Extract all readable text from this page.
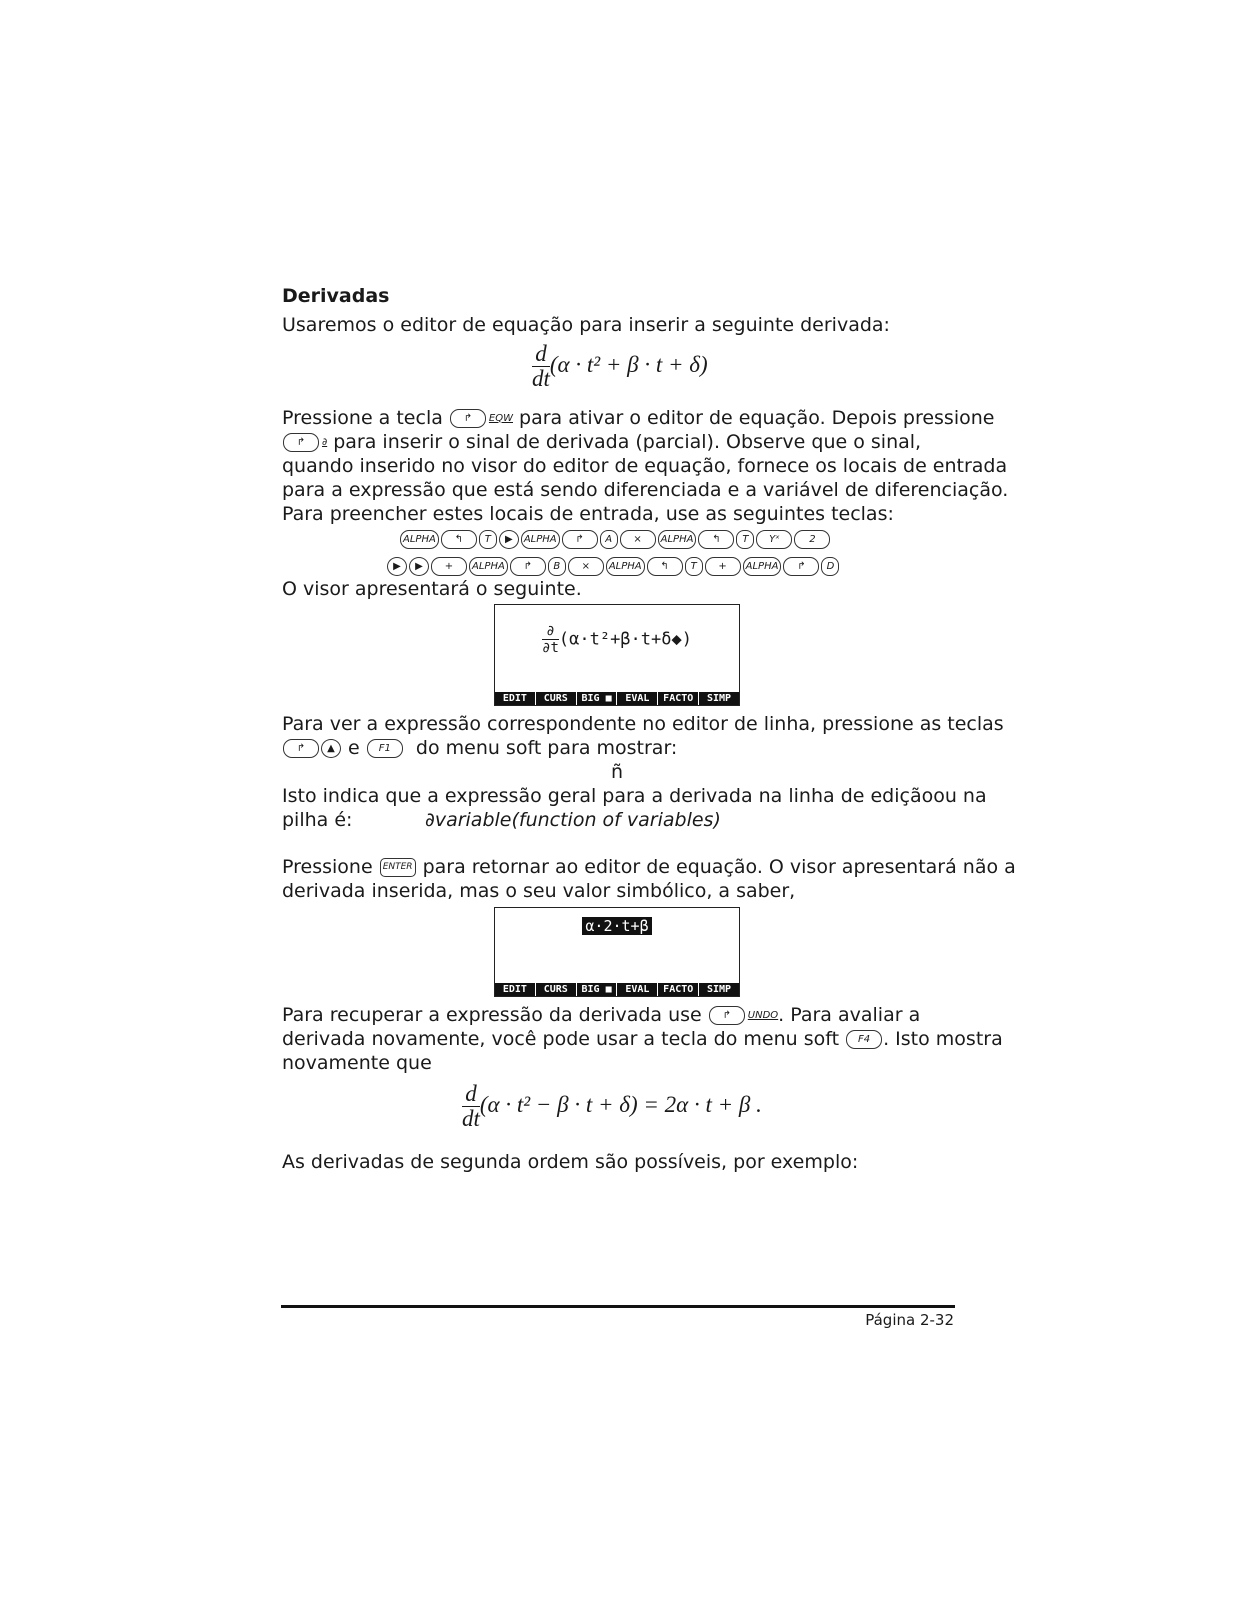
Derivadas
Usaremos o editor de equação para inserir a seguinte derivada:
$\frac{d}{dt} (\alpha \cdot t^2 + \beta \cdot t + \delta)$
Pressione a tecla ↱ EQW para ativar o editor de equação. Depois pressione
↱ ∂ para inserir o sinal de derivada (parcial). Observe que o sinal,
quando inserido no visor do editor de equação, fornece os locais de entrada
para a expressão que está sendo diferenciada e a variável de diferenciação.
Para preencher estes locais de entrada, use as seguintes teclas:
ALPHA ↰ T ▶ ALPHA ↱ A × ALPHA ↰ T Yˣ	2
▶ ▶ + ALPHA ↱ B × ALPHA ↰ T + ALPHA ↱ D
O visor apresentará o seguinte.
$\frac{\partial}{\partial t}$ (α·t²+β·t+δ◆)
EDIT	CURS	BIG ■	EVAL	FACTO	SIMP
Para ver a expressão correspondente no editor de linha, pressione as teclas
↱ ▲ e F1 do menu soft para mostrar:
ñ
Isto indica que a expressão geral para a derivada na linha de ediçãoou na
pilha é:	∂variable(function of variables)
Pressione ENTER para retornar ao editor de equação. O visor apresentará não a
derivada inserida, mas o seu valor simbólico, a saber,
α·2·t+β
EDIT	CURS	BIG ■	EVAL	FACTO	SIMP
Para recuperar a expressão da derivada use ↱ UNDO. Para avaliar a
derivada novamente, você pode usar a tecla do menu soft F4 . Isto mostra
novamente que
$\frac{d}{dt} (\alpha \cdot t^2 - \beta \cdot t + \delta) = 2\alpha \cdot t + \beta$ .
As derivadas de segunda ordem são possíveis, por exemplo:
Página 2-32
